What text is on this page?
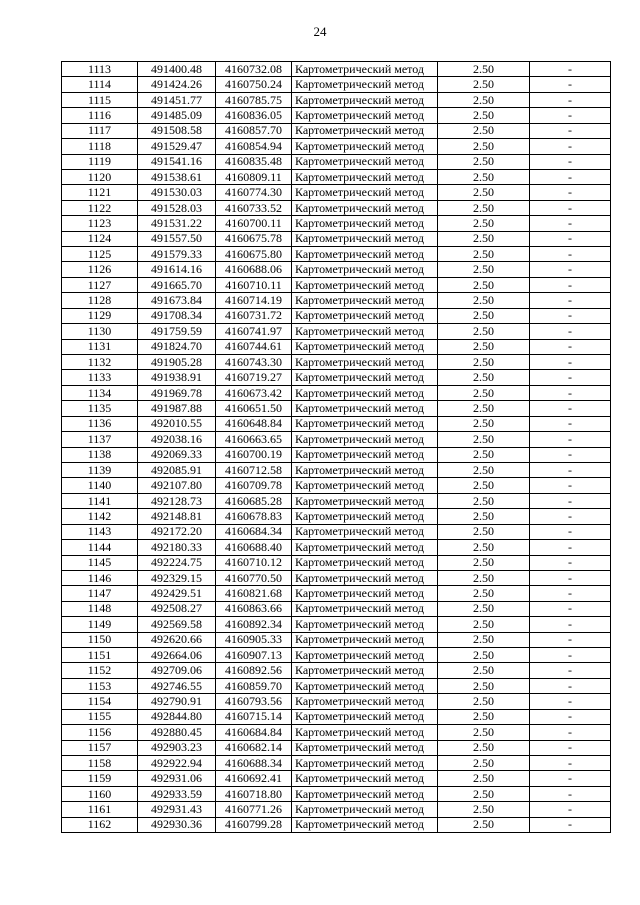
24
1113	491400.48	4160732.08	Картометрический метод	2.50	-
1114	491424.26	4160750.24	Картометрический метод	2.50	-
1115	491451.77	4160785.75	Картометрический метод	2.50	-
1116	491485.09	4160836.05	Картометрический метод	2.50	-
1117	491508.58	4160857.70	Картометрический метод	2.50	-
1118	491529.47	4160854.94	Картометрический метод	2.50	-
1119	491541.16	4160835.48	Картометрический метод	2.50	-
1120	491538.61	4160809.11	Картометрический метод	2.50	-
1121	491530.03	4160774.30	Картометрический метод	2.50	-
1122	491528.03	4160733.52	Картометрический метод	2.50	-
1123	491531.22	4160700.11	Картометрический метод	2.50	-
1124	491557.50	4160675.78	Картометрический метод	2.50	-
1125	491579.33	4160675.80	Картометрический метод	2.50	-
1126	491614.16	4160688.06	Картометрический метод	2.50	-
1127	491665.70	4160710.11	Картометрический метод	2.50	-
1128	491673.84	4160714.19	Картометрический метод	2.50	-
1129	491708.34	4160731.72	Картометрический метод	2.50	-
1130	491759.59	4160741.97	Картометрический метод	2.50	-
1131	491824.70	4160744.61	Картометрический метод	2.50	-
1132	491905.28	4160743.30	Картометрический метод	2.50	-
1133	491938.91	4160719.27	Картометрический метод	2.50	-
1134	491969.78	4160673.42	Картометрический метод	2.50	-
1135	491987.88	4160651.50	Картометрический метод	2.50	-
1136	492010.55	4160648.84	Картометрический метод	2.50	-
1137	492038.16	4160663.65	Картометрический метод	2.50	-
1138	492069.33	4160700.19	Картометрический метод	2.50	-
1139	492085.91	4160712.58	Картометрический метод	2.50	-
1140	492107.80	4160709.78	Картометрический метод	2.50	-
1141	492128.73	4160685.28	Картометрический метод	2.50	-
1142	492148.81	4160678.83	Картометрический метод	2.50	-
1143	492172.20	4160684.34	Картометрический метод	2.50	-
1144	492180.33	4160688.40	Картометрический метод	2.50	-
1145	492224.75	4160710.12	Картометрический метод	2.50	-
1146	492329.15	4160770.50	Картометрический метод	2.50	-
1147	492429.51	4160821.68	Картометрический метод	2.50	-
1148	492508.27	4160863.66	Картометрический метод	2.50	-
1149	492569.58	4160892.34	Картометрический метод	2.50	-
1150	492620.66	4160905.33	Картометрический метод	2.50	-
1151	492664.06	4160907.13	Картометрический метод	2.50	-
1152	492709.06	4160892.56	Картометрический метод	2.50	-
1153	492746.55	4160859.70	Картометрический метод	2.50	-
1154	492790.91	4160793.56	Картометрический метод	2.50	-
1155	492844.80	4160715.14	Картометрический метод	2.50	-
1156	492880.45	4160684.84	Картометрический метод	2.50	-
1157	492903.23	4160682.14	Картометрический метод	2.50	-
1158	492922.94	4160688.34	Картометрический метод	2.50	-
1159	492931.06	4160692.41	Картометрический метод	2.50	-
1160	492933.59	4160718.80	Картометрический метод	2.50	-
1161	492931.43	4160771.26	Картометрический метод	2.50	-
1162	492930.36	4160799.28	Картометрический метод	2.50	-
